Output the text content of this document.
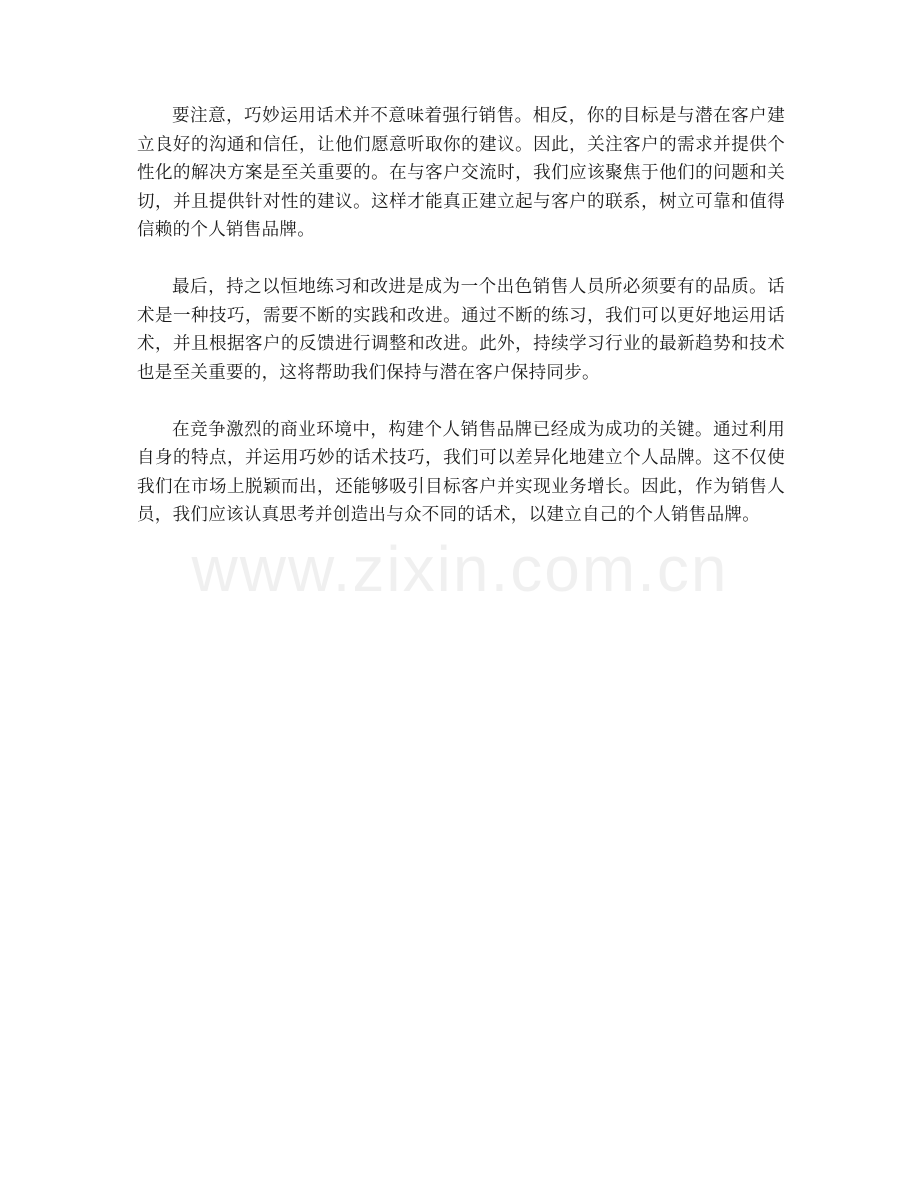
要注意，巧妙运用话术并不意味着强行销售。相反，你的目标是与潜在客户建立良好的沟通和信任，让他们愿意听取你的建议。因此，关注客户的需求并提供个性化的解决方案是至关重要的。在与客户交流时，我们应该聚焦于他们的问题和关切，并且提供针对性的建议。这样才能真正建立起与客户的联系，树立可靠和值得信赖的个人销售品牌。

最后，持之以恒地练习和改进是成为一个出色销售人员所必须要有的品质。话术是一种技巧，需要不断的实践和改进。通过不断的练习，我们可以更好地运用话术，并且根据客户的反馈进行调整和改进。此外，持续学习行业的最新趋势和技术也是至关重要的，这将帮助我们保持与潜在客户保持同步。

在竞争激烈的商业环境中，构建个人销售品牌已经成为成功的关键。通过利用自身的特点，并运用巧妙的话术技巧，我们可以差异化地建立个人品牌。这不仅使我们在市场上脱颖而出，还能够吸引目标客户并实现业务增长。因此，作为销售人员，我们应该认真思考并创造出与众不同的话术，以建立自己的个人销售品牌。

www.zixin.com.cn
